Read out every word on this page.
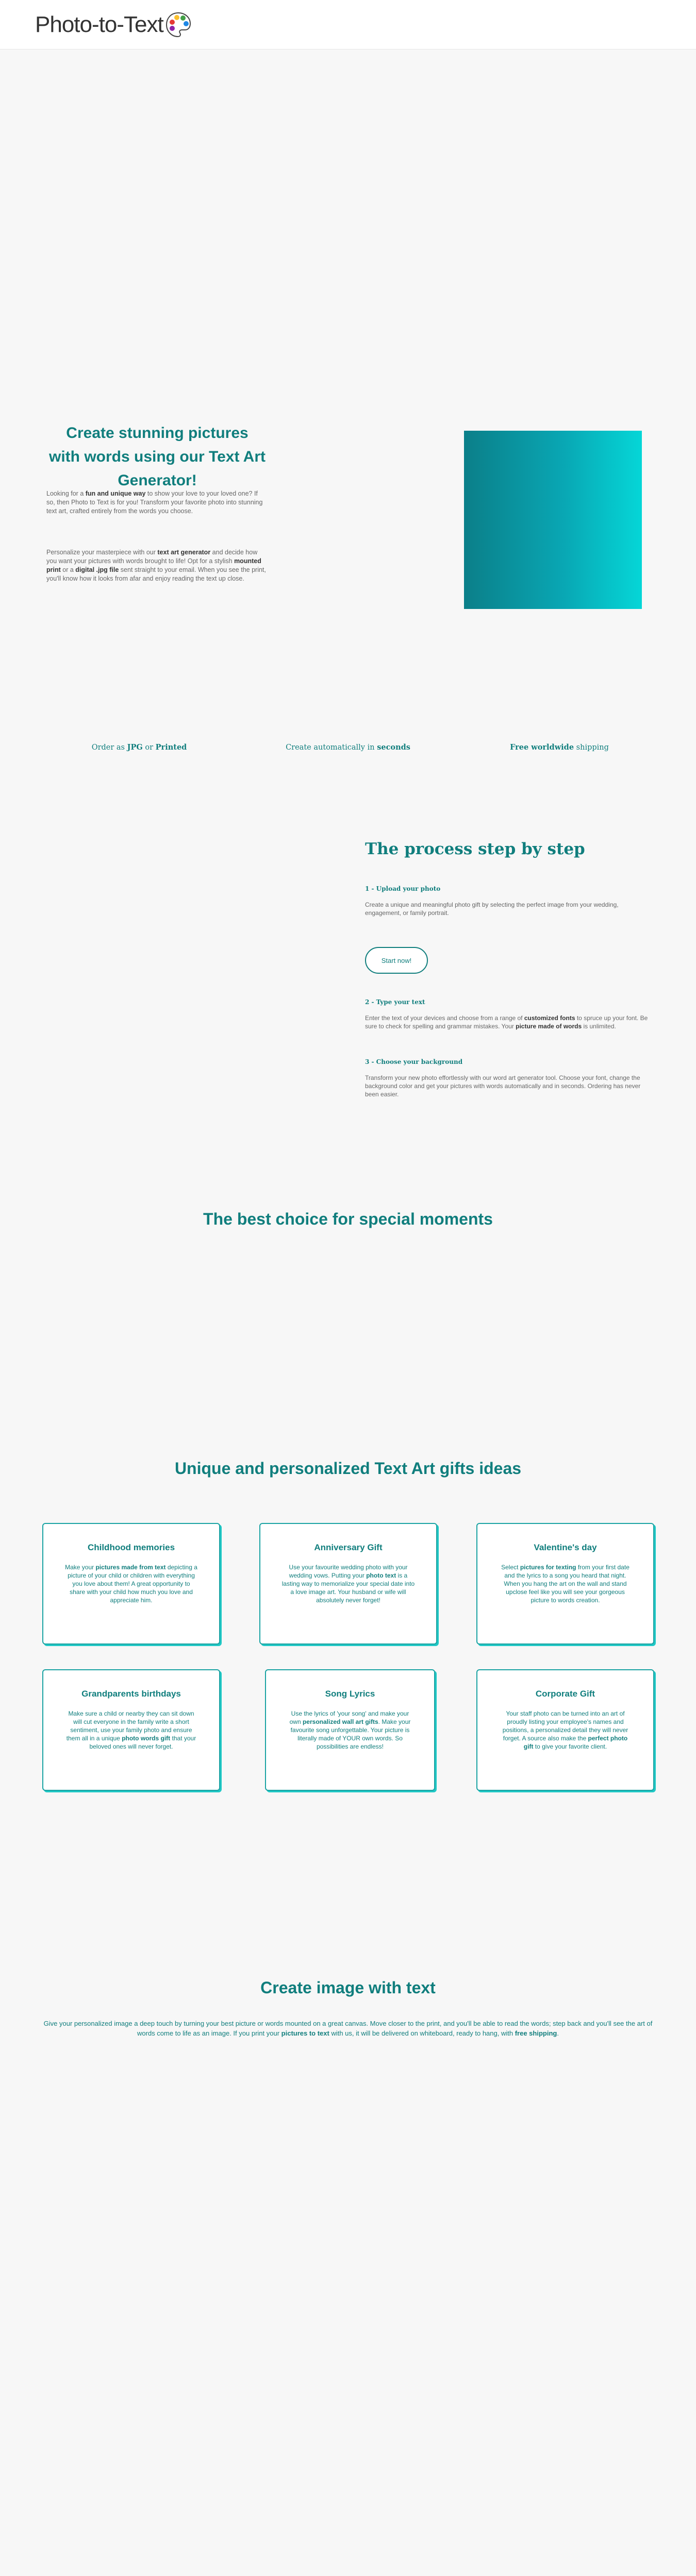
Photo-to-Text
Create stunning pictures with words using our Text Art Generator!

Looking for a fun and unique way to show your love to your loved one? If so, then Photo to Text is for you! Transform your favorite photo into stunning text art, crafted entirely from the words you choose.

Personalize your masterpiece with our text art generator and decide how you want your pictures with words brought to life! Opt for a stylish mounted print or a digital .jpg file sent straight to your email. When you see the print, you'll know how it looks from afar and enjoy reading the text up close.

Order as JPG or Printed	Create automatically in seconds	Free worldwide shipping
The process step by step
1 - Upload your photo

Create a unique and meaningful photo gift by selecting the perfect image from your wedding, engagement, or family portrait.

Start now!
2 - Type your text

Enter the text of your devices and choose from a range of customized fonts to spruce up your font. Be sure to check for spelling and grammar mistakes. Your picture made of words is unlimited.

3 - Choose your background

Transform your new photo effortlessly with our word art generator tool. Choose your font, change the background color and get your pictures with words automatically and in seconds. Ordering has never been easier.

The best choice for special moments
Unique and personalized Text Art gifts ideas
Childhood memories
Make your pictures made from text depicting a picture of your child or children with everything you love about them! A great opportunity to share with your child how much you love and appreciate him.
Anniversary Gift
Use your favourite wedding photo with your wedding vows. Putting your photo text is a lasting way to memorialize your special date into a love image art. Your husband or wife will absolutely never forget!
Valentine's day
Select pictures for texting from your first date and the lyrics to a song you heard that night. When you hang the art on the wall and stand upclose feel like you will see your gorgeous picture to words creation.
Grandparents birthdays
Make sure a child or nearby they can sit down will cut everyone in the family write a short sentiment, use your family photo and ensure them all in a unique photo words gift that your beloved ones will never forget.
Song Lyrics
Use the lyrics of 'your song' and make your own personalized wall art gifts. Make your favourite song unforgettable. Your picture is literally made of YOUR own words. So possibilities are endless!
Corporate Gift
Your staff photo can be turned into an art of proudly listing your employee's names and positions, a personalized detail they will never forget. A source also make the perfect photo gift to give your favorite client.
Create image with text

Give your personalized image a deep touch by turning your best picture or words mounted on a great canvas. Move closer to the print, and you'll be able to read the words; step back and you'll see the art of words come to life as an image. If you print your pictures to text with us, it will be delivered on whiteboard, ready to hang, with free shipping.
